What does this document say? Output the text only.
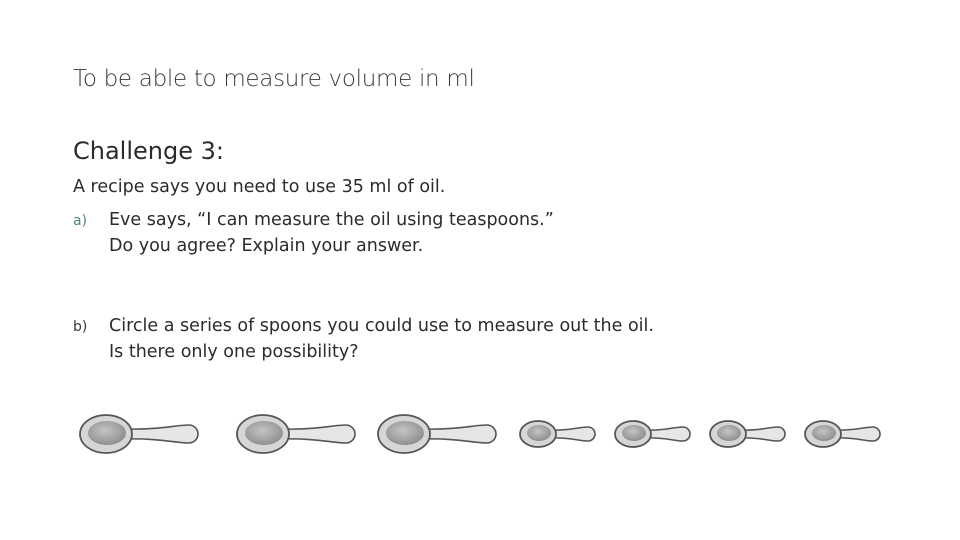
To be able to measure volume in ml
Challenge 3:
A recipe says you need to use 35 ml of oil.
a) Eve says, “I can measure the oil using teaspoons.”
Do you agree? Explain your answer.
b) Circle a series of spoons you could use to measure out the oil.
Is there only one possibility?
